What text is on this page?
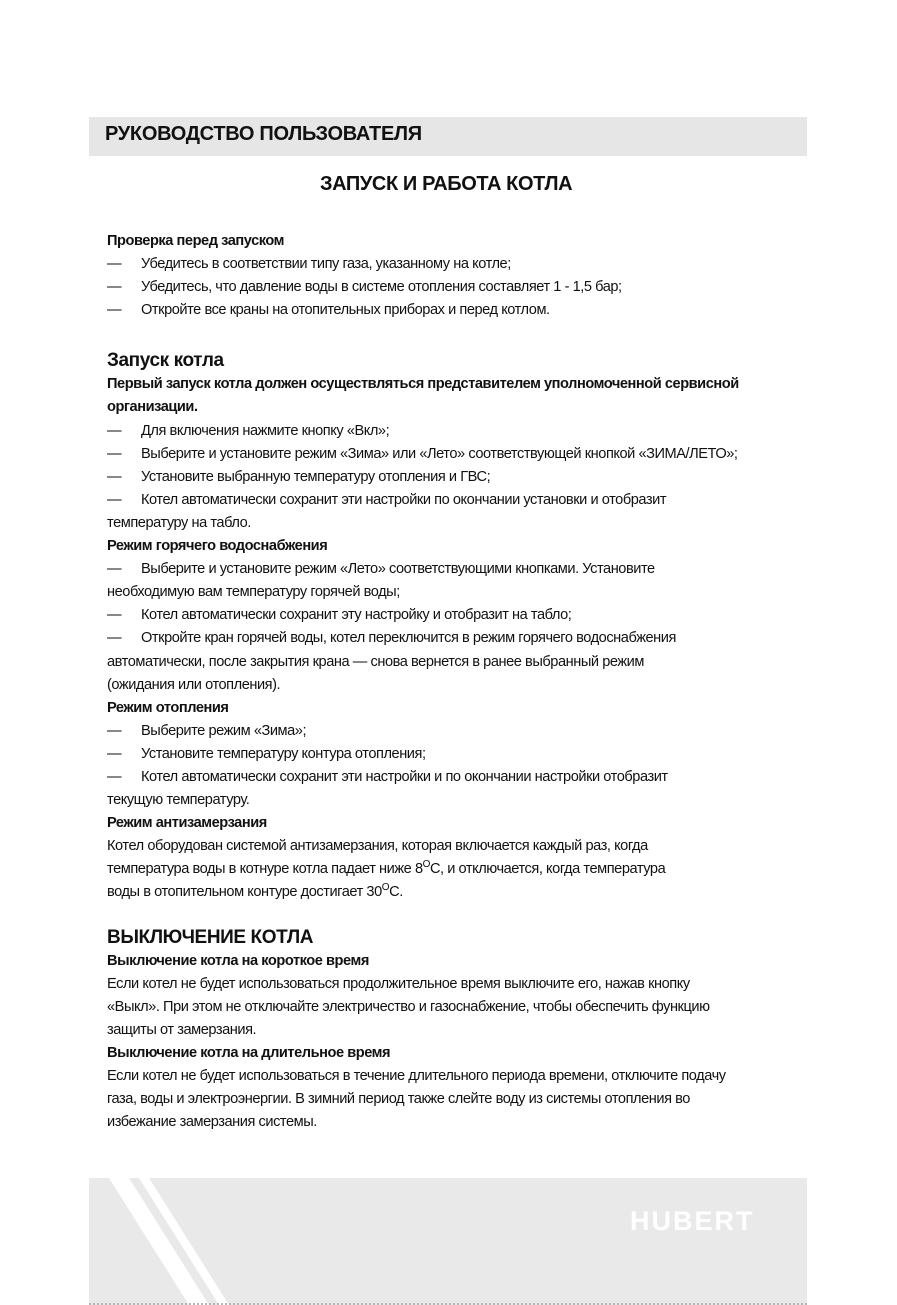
РУКОВОДСТВО ПОЛЬЗОВАТЕЛЯ
ЗАПУСК И РАБОТА КОТЛА

Проверка перед запуском

— Убедитесь в соответствии типу газа, указанному на котле;

— Убедитесь, что давление воды в системе отопления составляет 1 - 1,5 бар;

— Откройте все краны на отопительных приборах и перед котлом.

Запуск котла

Первый запуск котла должен осуществляться представителем уполномоченной сервисной

организации.

— Для включения нажмите кнопку «Вкл»;

— Выберите и установите режим «Зима» или «Лето» соответствующей кнопкой «ЗИМА/ЛЕТО»;

— Установите выбранную температуру отопления и ГВС;

— Котел автоматически сохранит эти настройки по окончании установки и отобразит

температуру на табло.

Режим горячего водоснабжения

— Выберите и установите режим «Лето» соответствующими кнопками. Установите

необходимую вам температуру горячей воды;

— Котел автоматически сохранит эту настройку и отобразит на табло;

— Откройте кран горячей воды, котел переключится в режим горячего водоснабжения

автоматически, после закрытия крана — снова вернется в ранее выбранный режим

(ожидания или отопления).

Режим отопления

— Выберите режим «Зима»;

— Установите температуру контура отопления;

— Котел автоматически сохранит эти настройки и по окончании настройки отобразит

текущую температуру.

Режим антизамерзания

Котел оборудован системой антизамерзания, которая включается каждый раз, когда

температура воды в котнуре котла падает ниже $8^ОС$, и отключается, когда температура

воды в отопительном контуре достигает $30^ОС$.

ВЫКЛЮЧЕНИЕ КОТЛА

Выключение котла на короткое время

Если котел не будет использоваться продолжительное время выключите его, нажав кнопку

«Выкл». При этом не отключайте электричество и газоснабжение, чтобы обеспечить функцию

защиты от замерзания.

Выключение котла на длительное время

Если котел не будет использоваться в течение длительного периода времени, отключите подачу

газа, воды и электроэнергии. В зимний период также слейте воду из системы отопления во

избежание замерзания системы.

HUBERT
